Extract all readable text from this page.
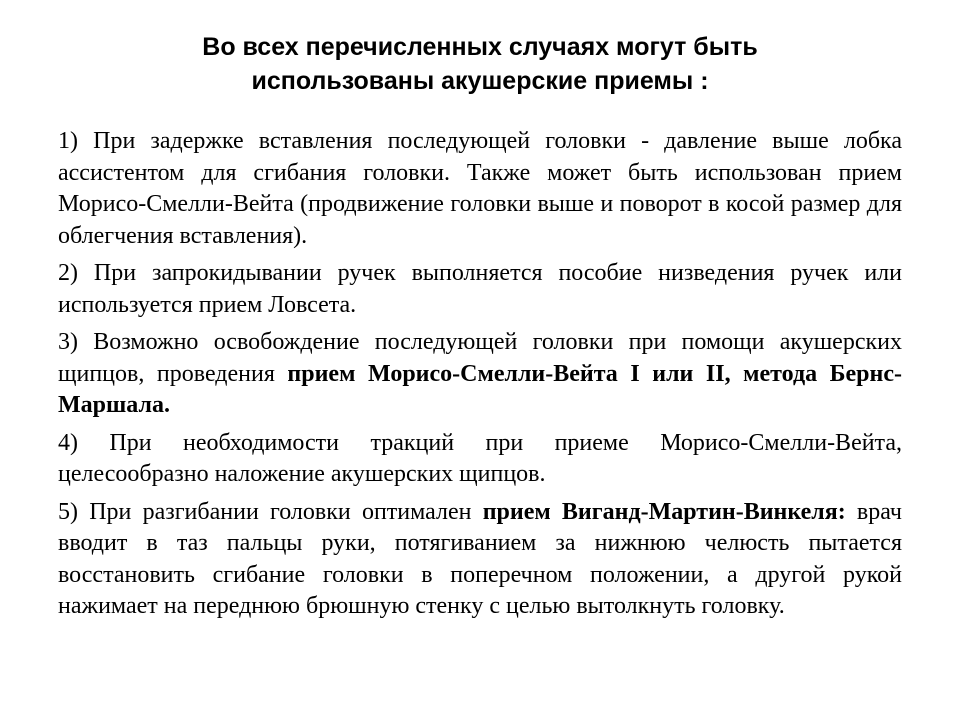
Во всех перечисленных случаях могут быть
использованы акушерские приемы :

1) При задержке вставления последующей головки - давление выше лобка ассистентом для сгибания головки. Также может быть использован прием Морисо-Смелли-Вейта (продвижение головки выше и поворот в косой размер для облегчения вставления).

2) При запрокидывании ручек выполняется пособие низведения ручек или используется прием Ловсета.

3) Возможно освобождение последующей головки при помощи акушерских щипцов, проведения прием Морисо-Смелли-Вейта I или II, метода Бернс-Маршала.

4) При необходимости тракций при приеме Морисо-Смелли-Вейта, целесообразно наложение акушерских щипцов.

5) При разгибании головки оптимален прием Виганд-Мартин-Винкеля: врач вводит в таз пальцы руки, потягиванием за нижнюю челюсть пытается восстановить сгибание головки в поперечном положении, а другой рукой нажимает на переднюю брюшную стенку с целью вытолкнуть головку.
